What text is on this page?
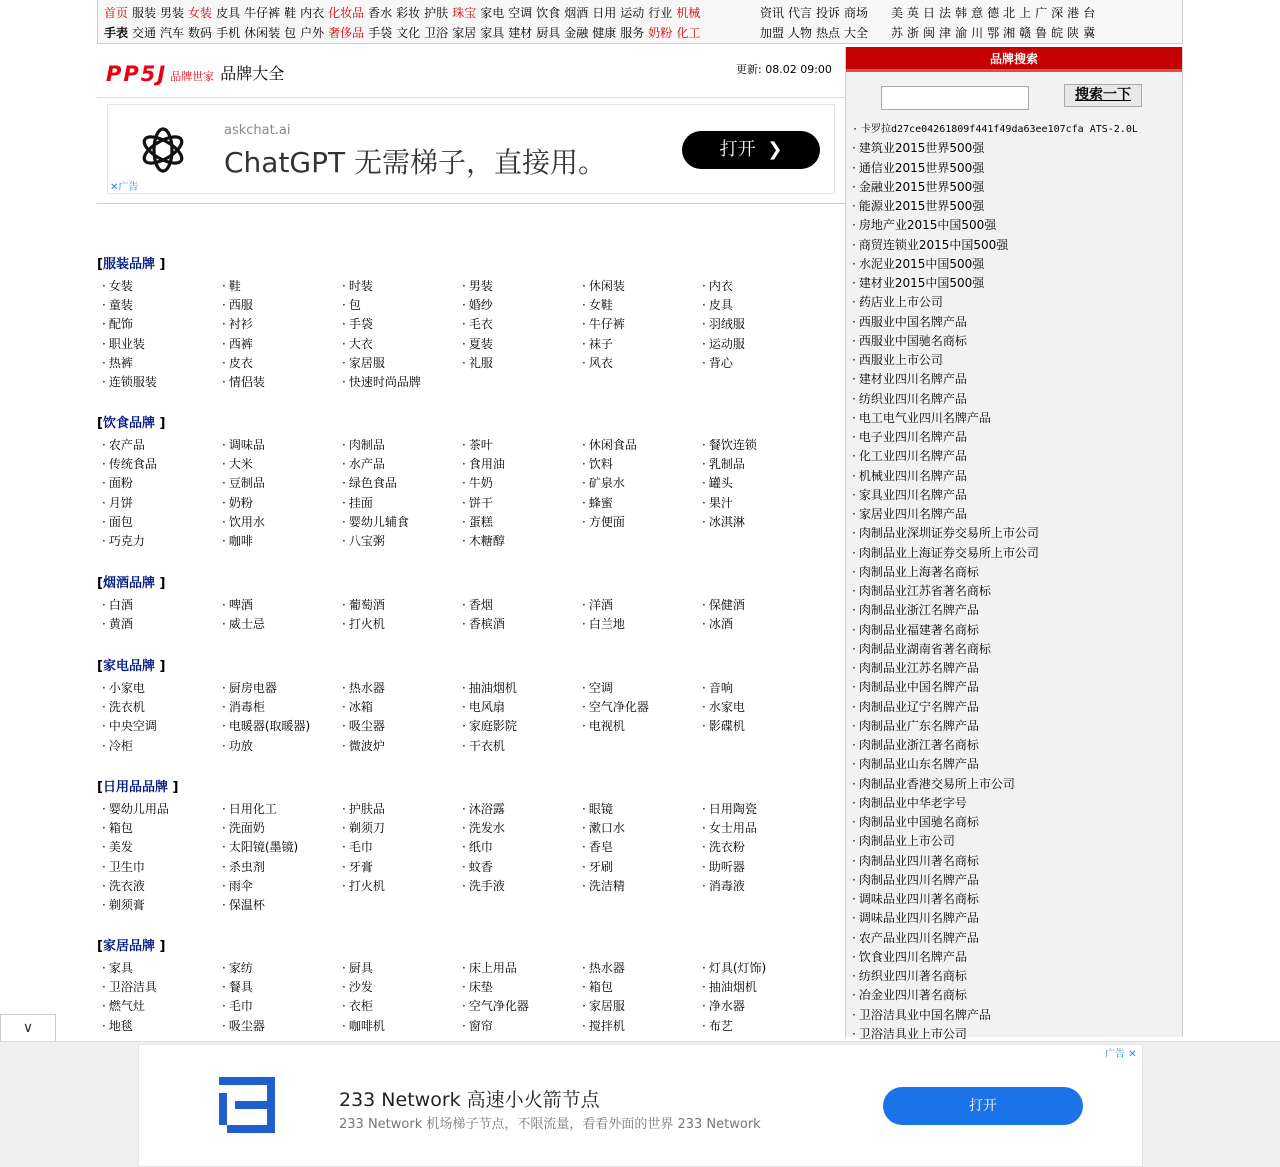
首页 服装 男装 女装 皮具 牛仔裤 鞋 内衣 化妆品 香水 彩妆 护肤 珠宝 家电 空调 饮食 烟酒 日用 运动 行业 机械	资讯 代言 投诉 商场 美 英 日 法 韩 意 德 北 上 广 深 港 台
手表 交通 汽车 数码 手机 休闲装 包 户外 奢侈品 手袋 文化 卫浴 家居 家具 建材 厨具 金融 健康 服务 奶粉 化工	加盟 人物 热点 大全 苏 浙 闽 津 渝 川 鄂 湘 赣 鲁 皖 陕 冀
PP5J 品牌世家 品牌大全	更新: 08.02 09:00
askchat.ai
ChatGPT 无需梯子，直接用。	打开 ❯
✕广告
[服装品牌 ]
· 女装	· 鞋	· 时装	· 男装	· 休闲装	· 内衣
· 童装	· 西服	· 包	· 婚纱	· 女鞋	· 皮具
· 配饰	· 衬衫	· 手袋	· 毛衣	· 牛仔裤	· 羽绒服
· 职业装	· 西裤	· 大衣	· 夏装	· 袜子	· 运动服
· 热裤	· 皮衣	· 家居服	· 礼服	· 风衣	· 背心
· 连锁服装	· 情侣装	· 快速时尚品牌
[饮食品牌 ]
· 农产品	· 调味品	· 肉制品	· 茶叶	· 休闲食品	· 餐饮连锁
· 传统食品	· 大米	· 水产品	· 食用油	· 饮料	· 乳制品
· 面粉	· 豆制品	· 绿色食品	· 牛奶	· 矿泉水	· 罐头
· 月饼	· 奶粉	· 挂面	· 饼干	· 蜂蜜	· 果汁
· 面包	· 饮用水	· 婴幼儿辅食	· 蛋糕	· 方便面	· 冰淇淋
· 巧克力	· 咖啡	· 八宝粥	· 木糖醇
[烟酒品牌 ]
· 白酒	· 啤酒	· 葡萄酒	· 香烟	· 洋酒	· 保健酒
· 黄酒	· 威士忌	· 打火机	· 香槟酒	· 白兰地	· 冰酒
[家电品牌 ]
· 小家电	· 厨房电器	· 热水器	· 抽油烟机	· 空调	· 音响
· 洗衣机	· 消毒柜	· 冰箱	· 电风扇	· 空气净化器	· 水家电
· 中央空调	· 电暖器(取暖器)	· 吸尘器	· 家庭影院	· 电视机	· 影碟机
· 冷柜	· 功放	· 微波炉	· 干衣机
[日用品品牌 ]
· 婴幼儿用品	· 日用化工	· 护肤品	· 沐浴露	· 眼镜	· 日用陶瓷
· 箱包	· 洗面奶	· 剃须刀	· 洗发水	· 漱口水	· 女士用品
· 美发	· 太阳镜(墨镜)	· 毛巾	· 纸巾	· 香皂	· 洗衣粉
· 卫生巾	· 杀虫剂	· 牙膏	· 蚊香	· 牙刷	· 助听器
· 洗衣液	· 雨伞	· 打火机	· 洗手液	· 洗洁精	· 消毒液
· 剃须膏	· 保温杯
[家居品牌 ]
· 家具	· 家纺	· 厨具	· 床上用品	· 热水器	· 灯具(灯饰)
· 卫浴洁具	· 餐具	· 沙发	· 床垫	· 箱包	· 抽油烟机
· 燃气灶	· 毛巾	· 衣柜	· 空气净化器	· 家居服	· 净水器
· 地毯	· 吸尘器	· 咖啡机	· 窗帘	· 搅拌机	· 布艺
品牌搜索
搜索一下
· 卡罗拉d27ce04261809f441f49da63ee107cfa ATS-2.0L
· 建筑业2015世界500强
· 通信业2015世界500强
· 金融业2015世界500强
· 能源业2015世界500强
· 房地产业2015中国500强
· 商贸连锁业2015中国500强
· 水泥业2015中国500强
· 建材业2015中国500强
· 药店业上市公司
· 西服业中国名牌产品
· 西服业中国驰名商标
· 西服业上市公司
· 建材业四川名牌产品
· 纺织业四川名牌产品
· 电工电气业四川名牌产品
· 电子业四川名牌产品
· 化工业四川名牌产品
· 机械业四川名牌产品
· 家具业四川名牌产品
· 家居业四川名牌产品
· 肉制品业深圳证券交易所上市公司
· 肉制品业上海证券交易所上市公司
· 肉制品业上海著名商标
· 肉制品业江苏省著名商标
· 肉制品业浙江名牌产品
· 肉制品业福建著名商标
· 肉制品业湖南省著名商标
· 肉制品业江苏名牌产品
· 肉制品业中国名牌产品
· 肉制品业辽宁名牌产品
· 肉制品业广东名牌产品
· 肉制品业浙江著名商标
· 肉制品业山东名牌产品
· 肉制品业香港交易所上市公司
· 肉制品业中华老字号
· 肉制品业中国驰名商标
· 肉制品业上市公司
· 肉制品业四川著名商标
· 肉制品业四川名牌产品
· 调味品业四川著名商标
· 调味品业四川名牌产品
· 农产品业四川名牌产品
· 饮食业四川名牌产品
· 纺织业四川著名商标
· 冶金业四川著名商标
· 卫浴洁具业中国名牌产品
· 卫浴洁具业上市公司
∨
233 Network 高速小火箭节点
233 Network 机场梯子节点，不限流量，看看外面的世界 233 Network
打开
广告 ✕
